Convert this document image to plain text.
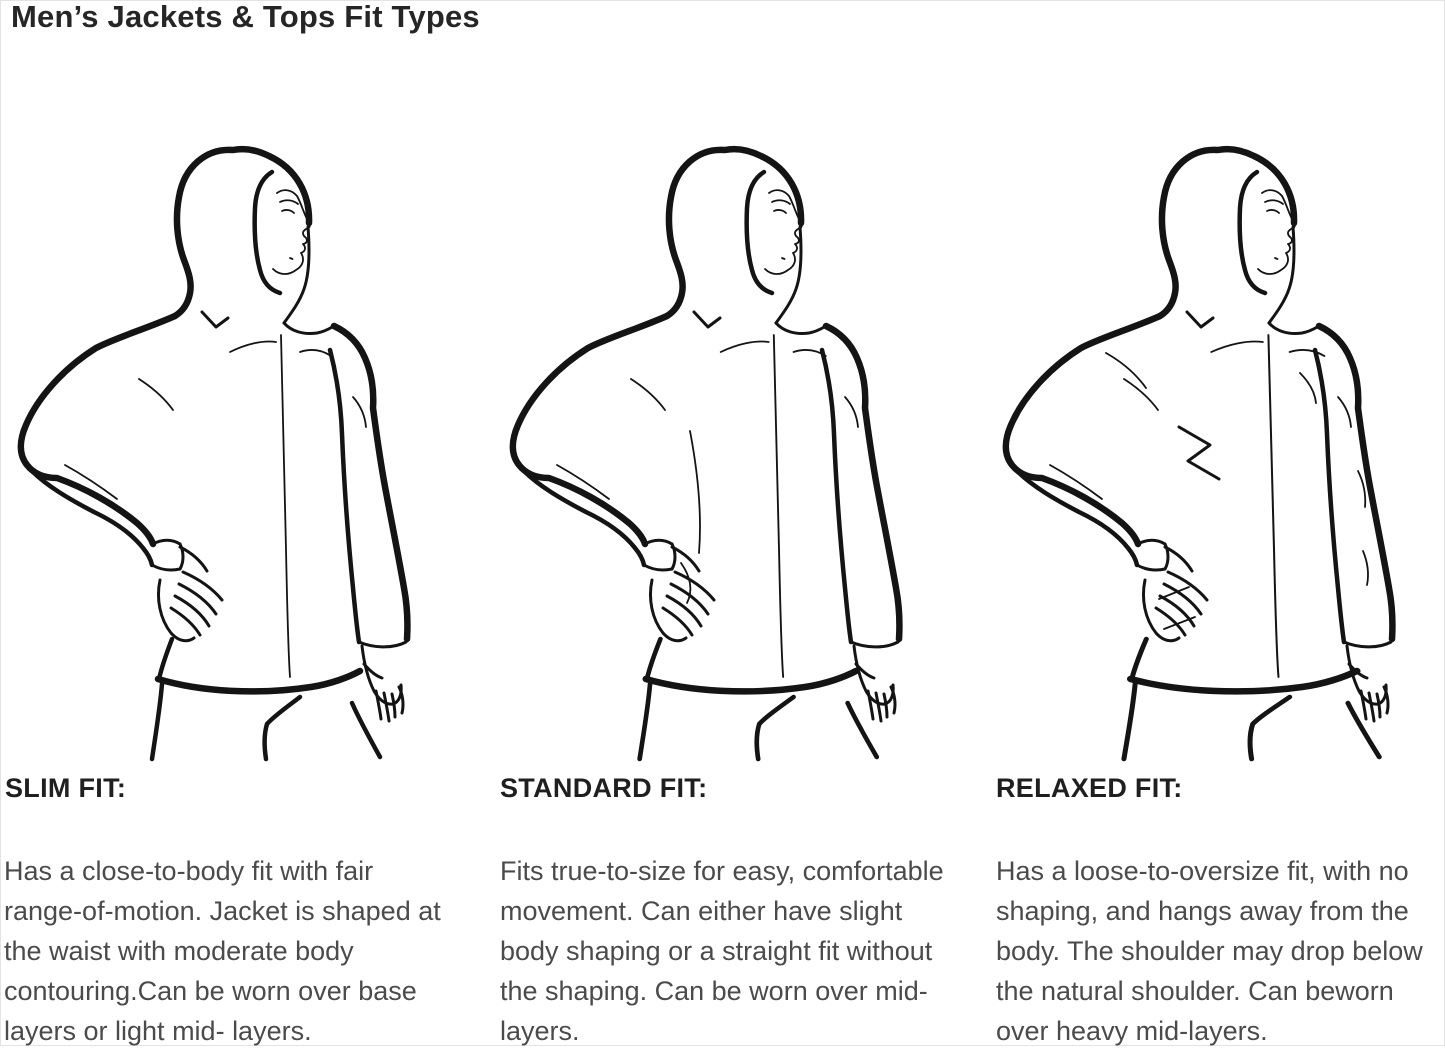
Men’s Jackets & Tops Fit Types
SLIM FIT:
Has a close-to-body fit with fair range-of-motion. Jacket is shaped at the waist with moderate body contouring.Can be worn over base layers or light mid- layers.
STANDARD FIT:
Fits true-to-size for easy, comfortable movement. Can either have slight body shaping or a straight fit without the shaping. Can be worn over mid-layers.
RELAXED FIT:
Has a loose-to-oversize fit, with no shaping, and hangs away from the body. The shoulder may drop below the natural shoulder. Can beworn over heavy mid-layers.
